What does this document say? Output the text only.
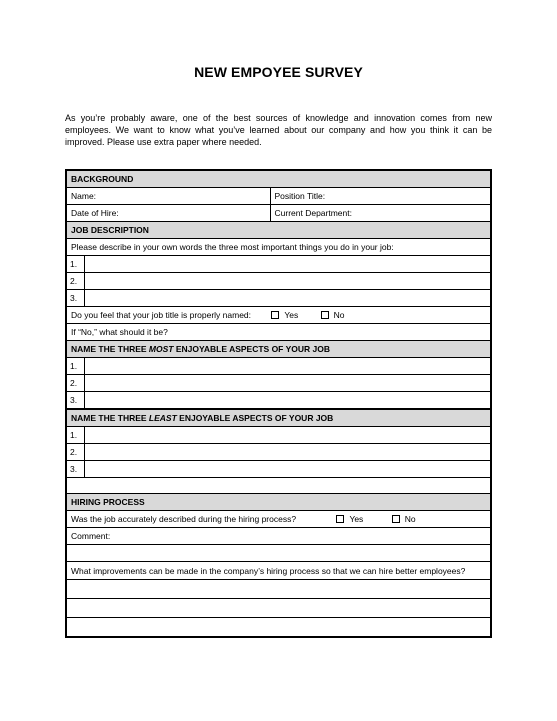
NEW EMPOYEE SURVEY
As you’re probably aware, one of the best sources of knowledge and innovation comes from new employees. We want to know what you’ve learned about our company and how you think it can be improved. Please use extra paper where needed.
BACKGROUND		
Name:		Position Title:
Date of Hire:		Current Department:
JOB DESCRIPTION		
Please describe in your own words the three most important things you do in your job:		
1.		
2.		
3.		
Do you feel that your job title is properly named: Yes No		
If “No,” what should it be?		
NAME THE THREE MOST ENJOYABLE ASPECTS OF YOUR JOB		
1.		
2.		
3.		
NAME THE THREE LEAST ENJOYABLE ASPECTS OF YOUR JOB		
1.		
2.		
3.		

HIRING PROCESS		
Was the job accurately described during the hiring process? Yes No		
Comment:		

What improvements can be made in the company’s hiring process so that we can hire better employees?		
